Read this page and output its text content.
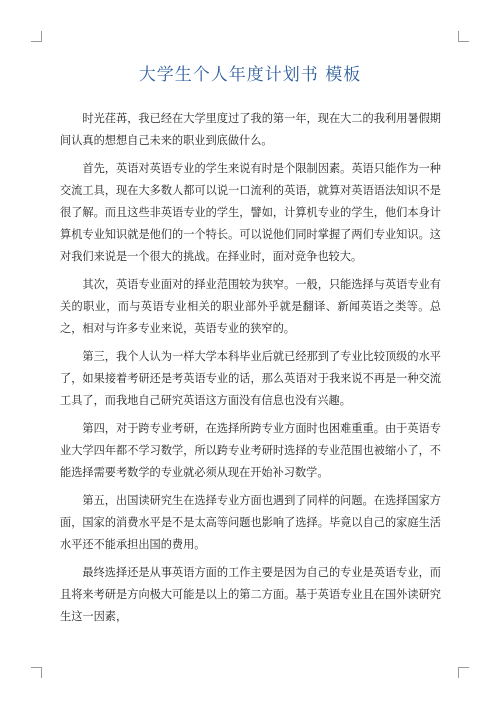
大学生个人年度计划书 模板

时光荏苒，我已经在大学里度过了我的第一年，现在大二的我利用暑假期间认真的想想自己未来的职业到底做什么。

首先，英语对英语专业的学生来说有时是个限制因素。英语只能作为一种交流工具，现在大多数人都可以说一口流利的英语，就算对英语语法知识不是很了解。而且这些非英语专业的学生，譬如，计算机专业的学生，他们本身计算机专业知识就是他们的一个特长。可以说他们同时掌握了两们专业知识。这对我们来说是一个很大的挑战。在择业时，面对竞争也较大。

其次，英语专业面对的择业范围较为狭窄。一般，只能选择与英语专业有关的职业，而与英语专业相关的职业部外乎就是翻译、新闻英语之类等。总之，相对与许多专业来说，英语专业的狭窄的。

第三，我个人认为一样大学本科毕业后就已经那到了专业比较顶级的水平了，如果接着考研还是考英语专业的话，那么英语对于我来说不再是一种交流工具了，而我地自己研究英语这方面没有信息也没有兴趣。

第四，对于跨专业考研，在选择所跨专业方面时也困难重重。由于英语专业大学四年都不学习数学，所以跨专业考研时选择的专业范围也被缩小了，不能选择需要考数学的专业就必须从现在开始补习数学。

第五，出国读研究生在选择专业方面也遇到了同样的问题。在选择国家方面，国家的消费水平是不是太高等问题也影响了选择。毕竟以自己的家庭生活水平还不能承担出国的费用。

最终选择还是从事英语方面的工作主要是因为自己的专业是英语专业，而且将来考研是方向极大可能是以上的第二方面。基于英语专业且在国外读研究生这一因素，
